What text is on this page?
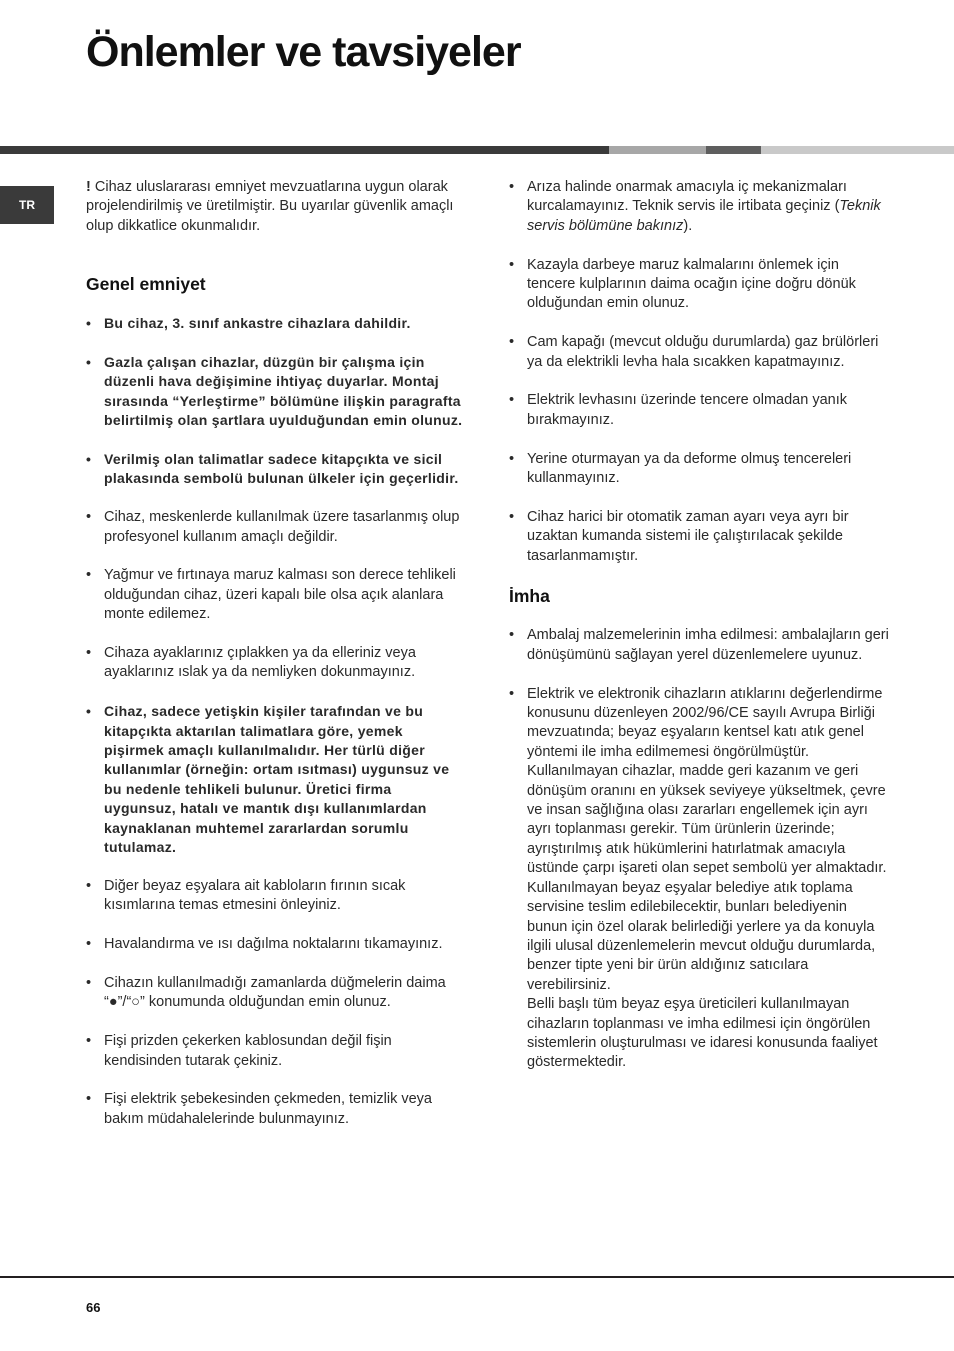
Önlemler ve tavsiyeler
TR

! Cihaz uluslararası emniyet mevzuatlarına uygun olarak projelendirilmiş ve üretilmiştir. Bu uyarılar güvenlik amaçlı olup dikkatlice okunmalıdır.

Genel emniyet
• Bu cihaz, 3. sınıf ankastre cihazlara dahildir.
• Gazla çalışan cihazlar, düzgün bir çalışma için düzenli hava değişimine ihtiyaç duyarlar. Montaj sırasında “Yerleştirme” bölümüne ilişkin paragrafta belirtilmiş olan şartlara uyulduğundan emin olunuz.
• Verilmiş olan talimatlar sadece kitapçıkta ve sicil plakasında sembolü bulunan ülkeler için geçerlidir.
• Cihaz, meskenlerde kullanılmak üzere tasarlanmış olup profesyonel kullanım amaçlı değildir.
• Yağmur ve fırtınaya maruz kalması son derece tehlikeli olduğundan cihaz, üzeri kapalı bile olsa açık alanlara monte edilemez.
• Cihaza ayaklarınız çıplakken ya da elleriniz veya ayaklarınız ıslak ya da nemliyken dokunmayınız.
• Cihaz, sadece yetişkin kişiler tarafından ve bu kitapçıkta aktarılan talimatlara göre, yemek pişirmek amaçlı kullanılmalıdır. Her türlü diğer kullanımlar (örneğin: ortam ısıtması) uygunsuz ve bu nedenle tehlikeli bulunur. Üretici firma uygunsuz, hatalı ve mantık dışı kullanımlardan kaynaklanan muhtemel zararlardan sorumlu tutulamaz.
• Diğer beyaz eşyalara ait kabloların fırının sıcak kısımlarına temas etmesini önleyiniz.
• Havalandırma ve ısı dağılma noktalarını tıkamayınız.
• Cihazın kullanılmadığı zamanlarda düğmelerin daima “●”/“○” konumunda olduğundan emin olunuz.
• Fişi prizden çekerken kablosundan değil fişin kendisinden tutarak çekiniz.
• Fişi elektrik şebekesinden çekmeden, temizlik veya bakım müdahalelerinde bulunmayınız.
• Arıza halinde onarmak amacıyla iç mekanizmaları kurcalamayınız. Teknik servis ile irtibata geçiniz (Teknik servis bölümüne bakınız).
• Kazayla darbeye maruz kalmalarını önlemek için tencere kulplarının daima ocağın içine doğru dönük olduğundan emin olunuz.
• Cam kapağı (mevcut olduğu durumlarda) gaz brülörleri ya da elektrikli levha hala sıcakken kapatmayınız.
• Elektrik levhasını üzerinde tencere olmadan yanık bırakmayınız.
• Yerine oturmayan ya da deforme olmuş tencereleri kullanmayınız.
• Cihaz harici bir otomatik zaman ayarı veya ayrı bir uzaktan kumanda sistemi ile çalıştırılacak şekilde tasarlanmamıştır.
İmha
• Ambalaj malzemelerinin imha edilmesi: ambalajların geri dönüşümünü sağlayan yerel düzenlemelere uyunuz.

• Elektrik ve elektronik cihazların atıklarını değerlendirme konusunu düzenleyen 2002/96/CE sayılı Avrupa Birliği mevzuatında; beyaz eşyaların kentsel katı atık genel yöntemi ile imha edilmemesi öngörülmüştür. Kullanılmayan cihazlar, madde geri kazanım ve geri dönüşüm oranını en yüksek seviyeye yükseltmek, çevre ve insan sağlığına olası zararları engellemek için ayrı ayrı toplanması gerekir. Tüm ürünlerin üzerinde; ayrıştırılmış atık hükümlerini hatırlatmak amacıyla üstünde çarpı işareti olan sepet sembolü yer almaktadır.

Kullanılmayan beyaz eşyalar belediye atık toplama servisine teslim edilebilecektir, bunları belediyenin bunun için özel olarak belirlediği yerlere ya da konuyla ilgili ulusal düzenlemelerin mevcut olduğu durumlarda, benzer tipte yeni bir ürün aldığınız satıcılara verebilirsiniz.

Belli başlı tüm beyaz eşya üreticileri kullanılmayan cihazların toplanması ve imha edilmesi için öngörülen sistemlerin oluşturulması ve idaresi konusunda faaliyet göstermektedir.

66
